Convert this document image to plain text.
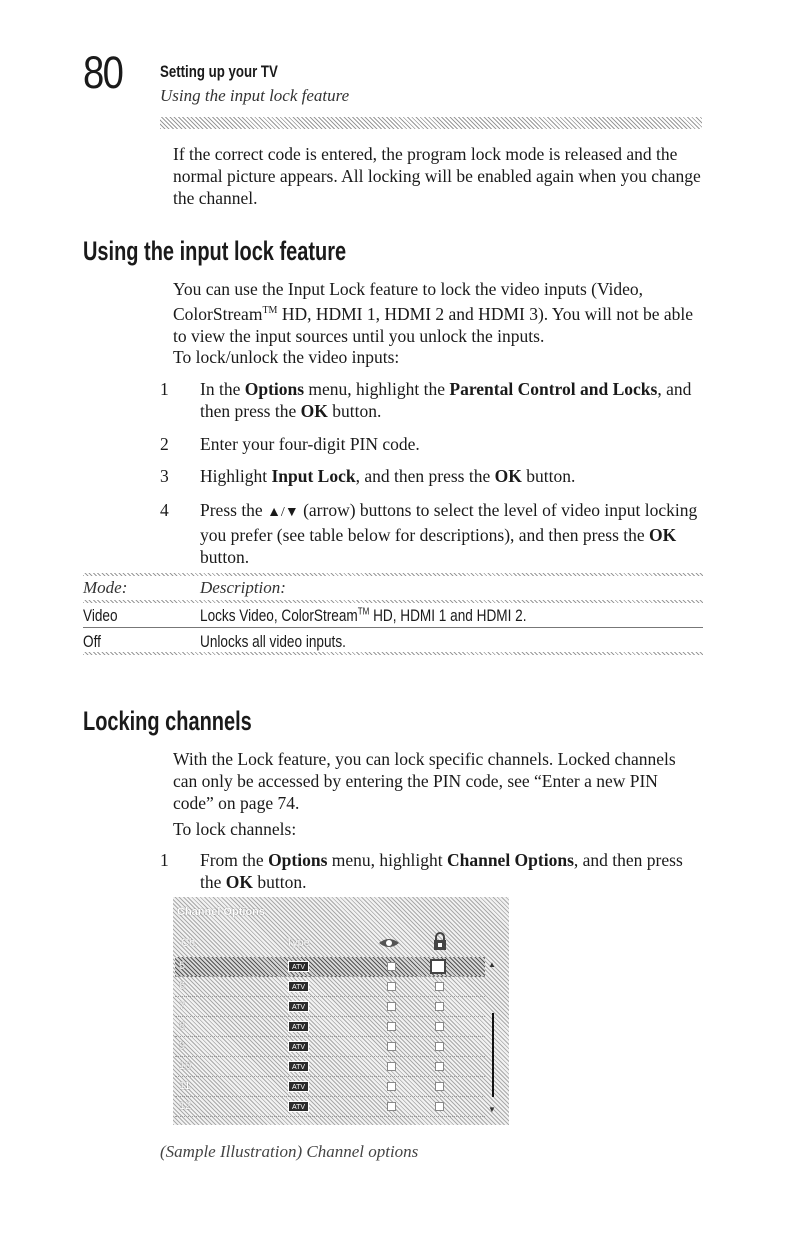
80 Setting up your TV
Using the input lock feature
If the correct code is entered, the program lock mode is released and the normal picture appears. All locking will be enabled again when you change the channel.
Using the input lock feature
You can use the Input Lock feature to lock the video inputs (Video, ColorStream™ HD, HDMI 1, HDMI 2 and HDMI 3). You will not be able to view the input sources until you unlock the inputs.
To lock/unlock the video inputs:
1	In the Options menu, highlight the Parental Control and Locks, and then press the OK button.
2	Enter your four-digit PIN code.
3	Highlight Input Lock, and then press the OK button.
4	Press the ▲/▼ (arrow) buttons to select the level of video input locking you prefer (see table below for descriptions), and then press the OK button.
Mode:	Description:
Video	Locks Video, ColorStream™ HD, HDMI 1 and HDMI 2.
Off	Unlocks all video inputs.
Locking channels
With the Lock feature, you can lock specific channels. Locked channels can only be accessed by entering the PIN code, see “Enter a new PIN code” on page 74.
To lock channels:
1	From the Options menu, highlight Channel Options, and then press the OK button.
Channel Options
Ch.	Type
5	ATV
6	ATV
7	ATV
8	ATV
9	ATV
10	ATV
11	ATV
12	ATV
▲
▼
(Sample Illustration) Channel options
